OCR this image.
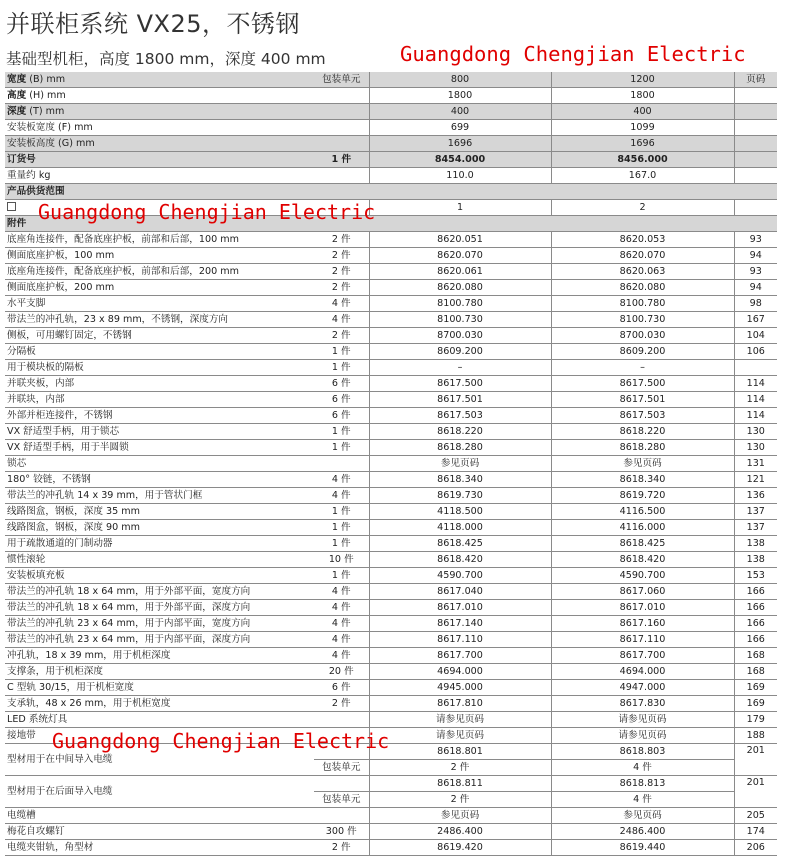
并联柜系统 VX25，不锈钢
基础型机柜，高度 1800 mm，深度 400 mm
宽度 (B) mm	包装单元	800	1200	页码
高度 (H) mm		1800	1800	
深度 (T) mm		400	400	
安装板宽度 (F) mm		699	1099	
安装板高度 (G) mm		1696	1696	
订货号	1 件	8454.000	8456.000	
重量约 kg		110.0	167.0	
产品供货范围				
		1	2	
附件				
底座角连接件，配备底座护板，前部和后部，100 mm	2 件	8620.051	8620.053	93
侧面底座护板，100 mm	2 件	8620.070	8620.070	94
底座角连接件，配备底座护板，前部和后部，200 mm	2 件	8620.061	8620.063	93
侧面底座护板，200 mm	2 件	8620.080	8620.080	94
水平支脚	4 件	8100.780	8100.780	98
带法兰的冲孔轨，23 x 89 mm，不锈钢，深度方向	4 件	8100.730	8100.730	167
侧板，可用螺钉固定，不锈钢	2 件	8700.030	8700.030	104
分隔板	1 件	8609.200	8609.200	106
用于模块板的隔板	1 件	–	–	
并联夹板，内部	6 件	8617.500	8617.500	114
并联块，内部	6 件	8617.501	8617.501	114
外部并柜连接件，不锈钢	6 件	8617.503	8617.503	114
VX 舒适型手柄，用于锁芯	1 件	8618.220	8618.220	130
VX 舒适型手柄，用于半圆锁	1 件	8618.280	8618.280	130
锁芯		参见页码	参见页码	131
180° 铰链，不锈钢	4 件	8618.340	8618.340	121
带法兰的冲孔轨 14 x 39 mm，用于管状门框	4 件	8619.730	8619.720	136
线路图盒，钢板，深度 35 mm	1 件	4118.500	4116.500	137
线路图盒，钢板，深度 90 mm	1 件	4118.000	4116.000	137
用于疏散通道的门制动器	1 件	8618.425	8618.425	138
惯性滚轮	10 件	8618.420	8618.420	138
安装板填充板	1 件	4590.700	4590.700	153
带法兰的冲孔轨 18 x 64 mm，用于外部平面，宽度方向	4 件	8617.040	8617.060	166
带法兰的冲孔轨 18 x 64 mm，用于外部平面，深度方向	4 件	8617.010	8617.010	166
带法兰的冲孔轨 23 x 64 mm，用于内部平面，宽度方向	4 件	8617.140	8617.160	166
带法兰的冲孔轨 23 x 64 mm，用于内部平面，深度方向	4 件	8617.110	8617.110	166
冲孔轨，18 x 39 mm，用于机柜深度	4 件	8617.700	8617.700	168
支撑条，用于机柜深度	20 件	4694.000	4694.000	168
C 型轨 30/15，用于机柜宽度	6 件	4945.000	4947.000	169
支承轨，48 x 26 mm，用于机柜宽度	2 件	8617.810	8617.830	169
LED 系统灯具		请参见页码	请参见页码	179
接地带		请参见页码	请参见页码	188
型材用于在中间导入电缆		8618.801	8618.803	201
	包装单元	2 件	4 件	
型材用于在后面导入电缆		8618.811	8618.813	201
	包装单元	2 件	4 件	
电缆槽		参见页码	参见页码	205
梅花自攻螺钉	300 件	2486.400	2486.400	174
电缆夹钳轨，角型材	2 件	8619.420	8619.440	206
Guangdong Chengjian Electric
Guangdong Chengjian Electric
Guangdong Chengjian Electric
